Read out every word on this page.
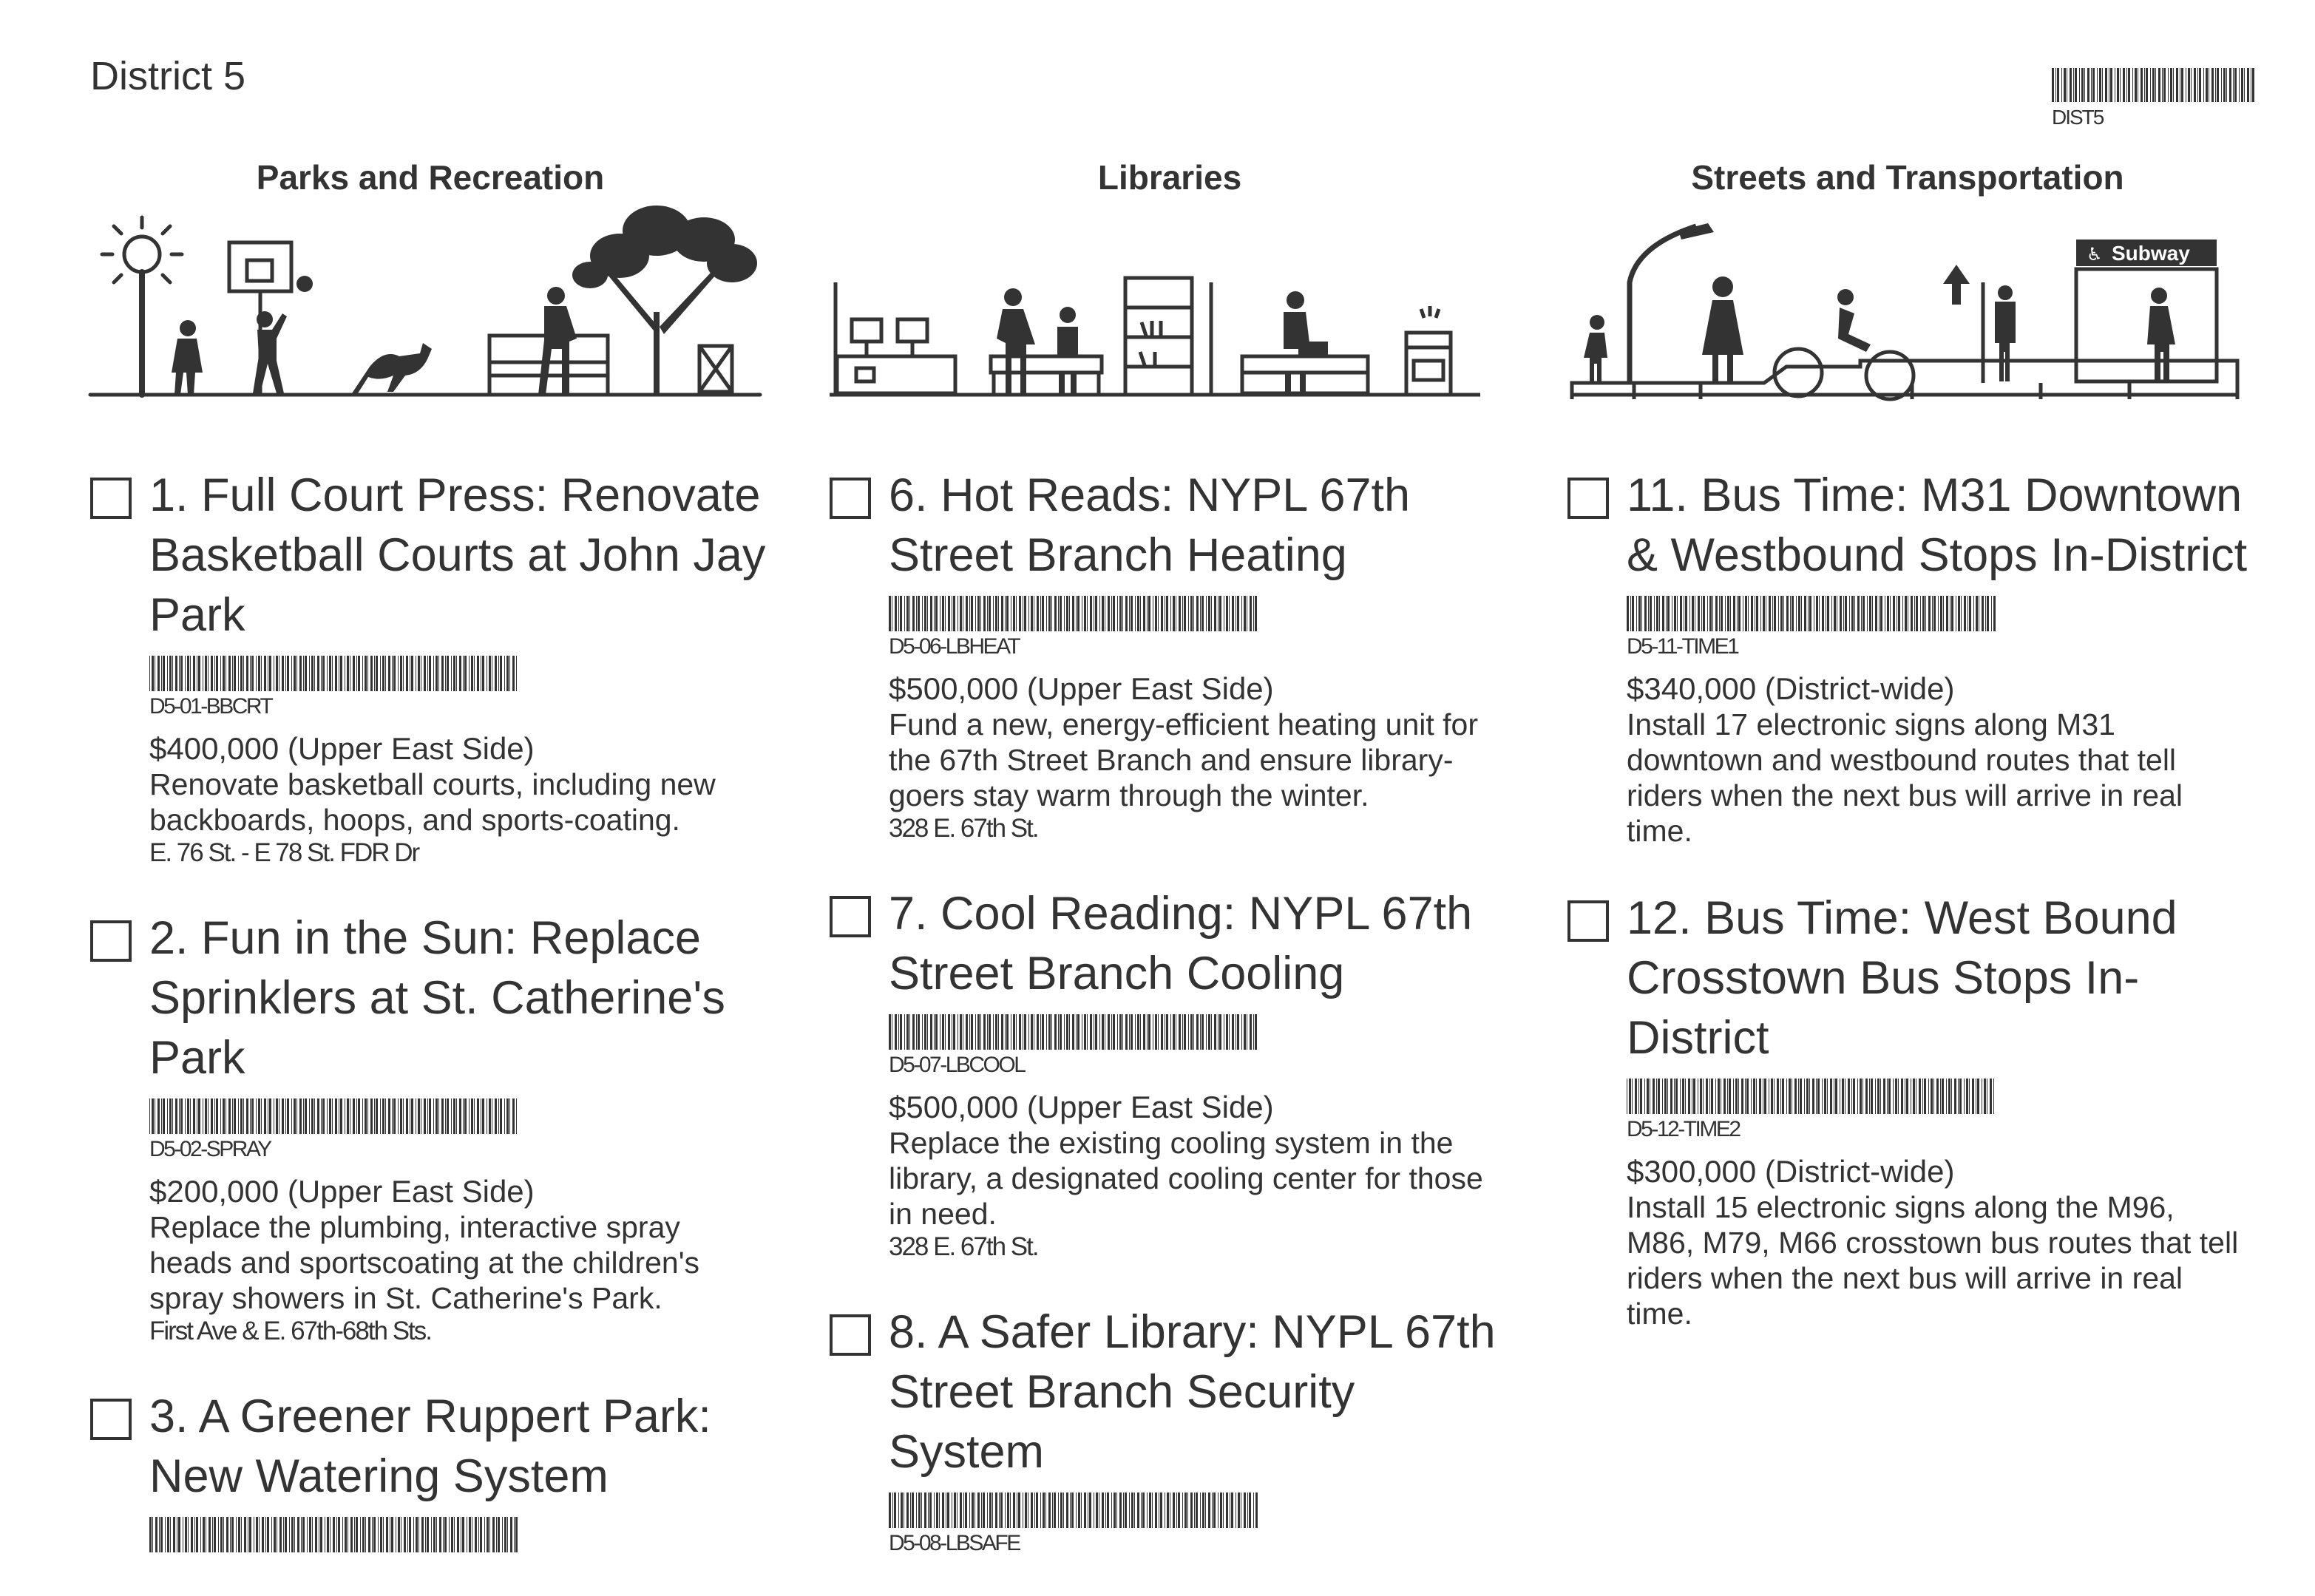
District 5
DIST5
Parks and Recreation
1. Full Court Press: Renovate Basketball Courts at John Jay Park
D5-01-BBCRT
$400,000 (Upper East Side)
Renovate basketball courts, including new backboards, hoops, and sports-coating.
E. 76 St. - E 78 St. FDR Dr
2. Fun in the Sun: Replace Sprinklers at St. Catherine's Park
D5-02-SPRAY
$200,000 (Upper East Side)
Replace the plumbing, interactive spray heads and sportscoating at the children's spray showers in St. Catherine's Park.
First Ave & E. 67th-68th Sts.
3. A Greener Ruppert Park: New Watering System
Libraries
6. Hot Reads: NYPL 67th Street Branch Heating
D5-06-LBHEAT
$500,000 (Upper East Side)
Fund a new, energy-efficient heating unit for the 67th Street Branch and ensure library-goers stay warm through the winter.
328 E. 67th St.
7. Cool Reading: NYPL 67th Street Branch Cooling
D5-07-LBCOOL
$500,000 (Upper East Side)
Replace the existing cooling system in the library, a designated cooling center for those in need.
328 E. 67th St.
8. A Safer Library: NYPL 67th Street Branch Security System
D5-08-LBSAFE
Streets and Transportation
♿ Subway
11. Bus Time: M31 Downtown & Westbound Stops In-District
D5-11-TIME1
$340,000 (District-wide)
Install 17 electronic signs along M31 downtown and westbound routes that tell riders when the next bus will arrive in real time.
12. Bus Time: West Bound Crosstown Bus Stops In-District
D5-12-TIME2
$300,000 (District-wide)
Install 15 electronic signs along the M96, M86, M79, M66 crosstown bus routes that tell riders when the next bus will arrive in real time.
